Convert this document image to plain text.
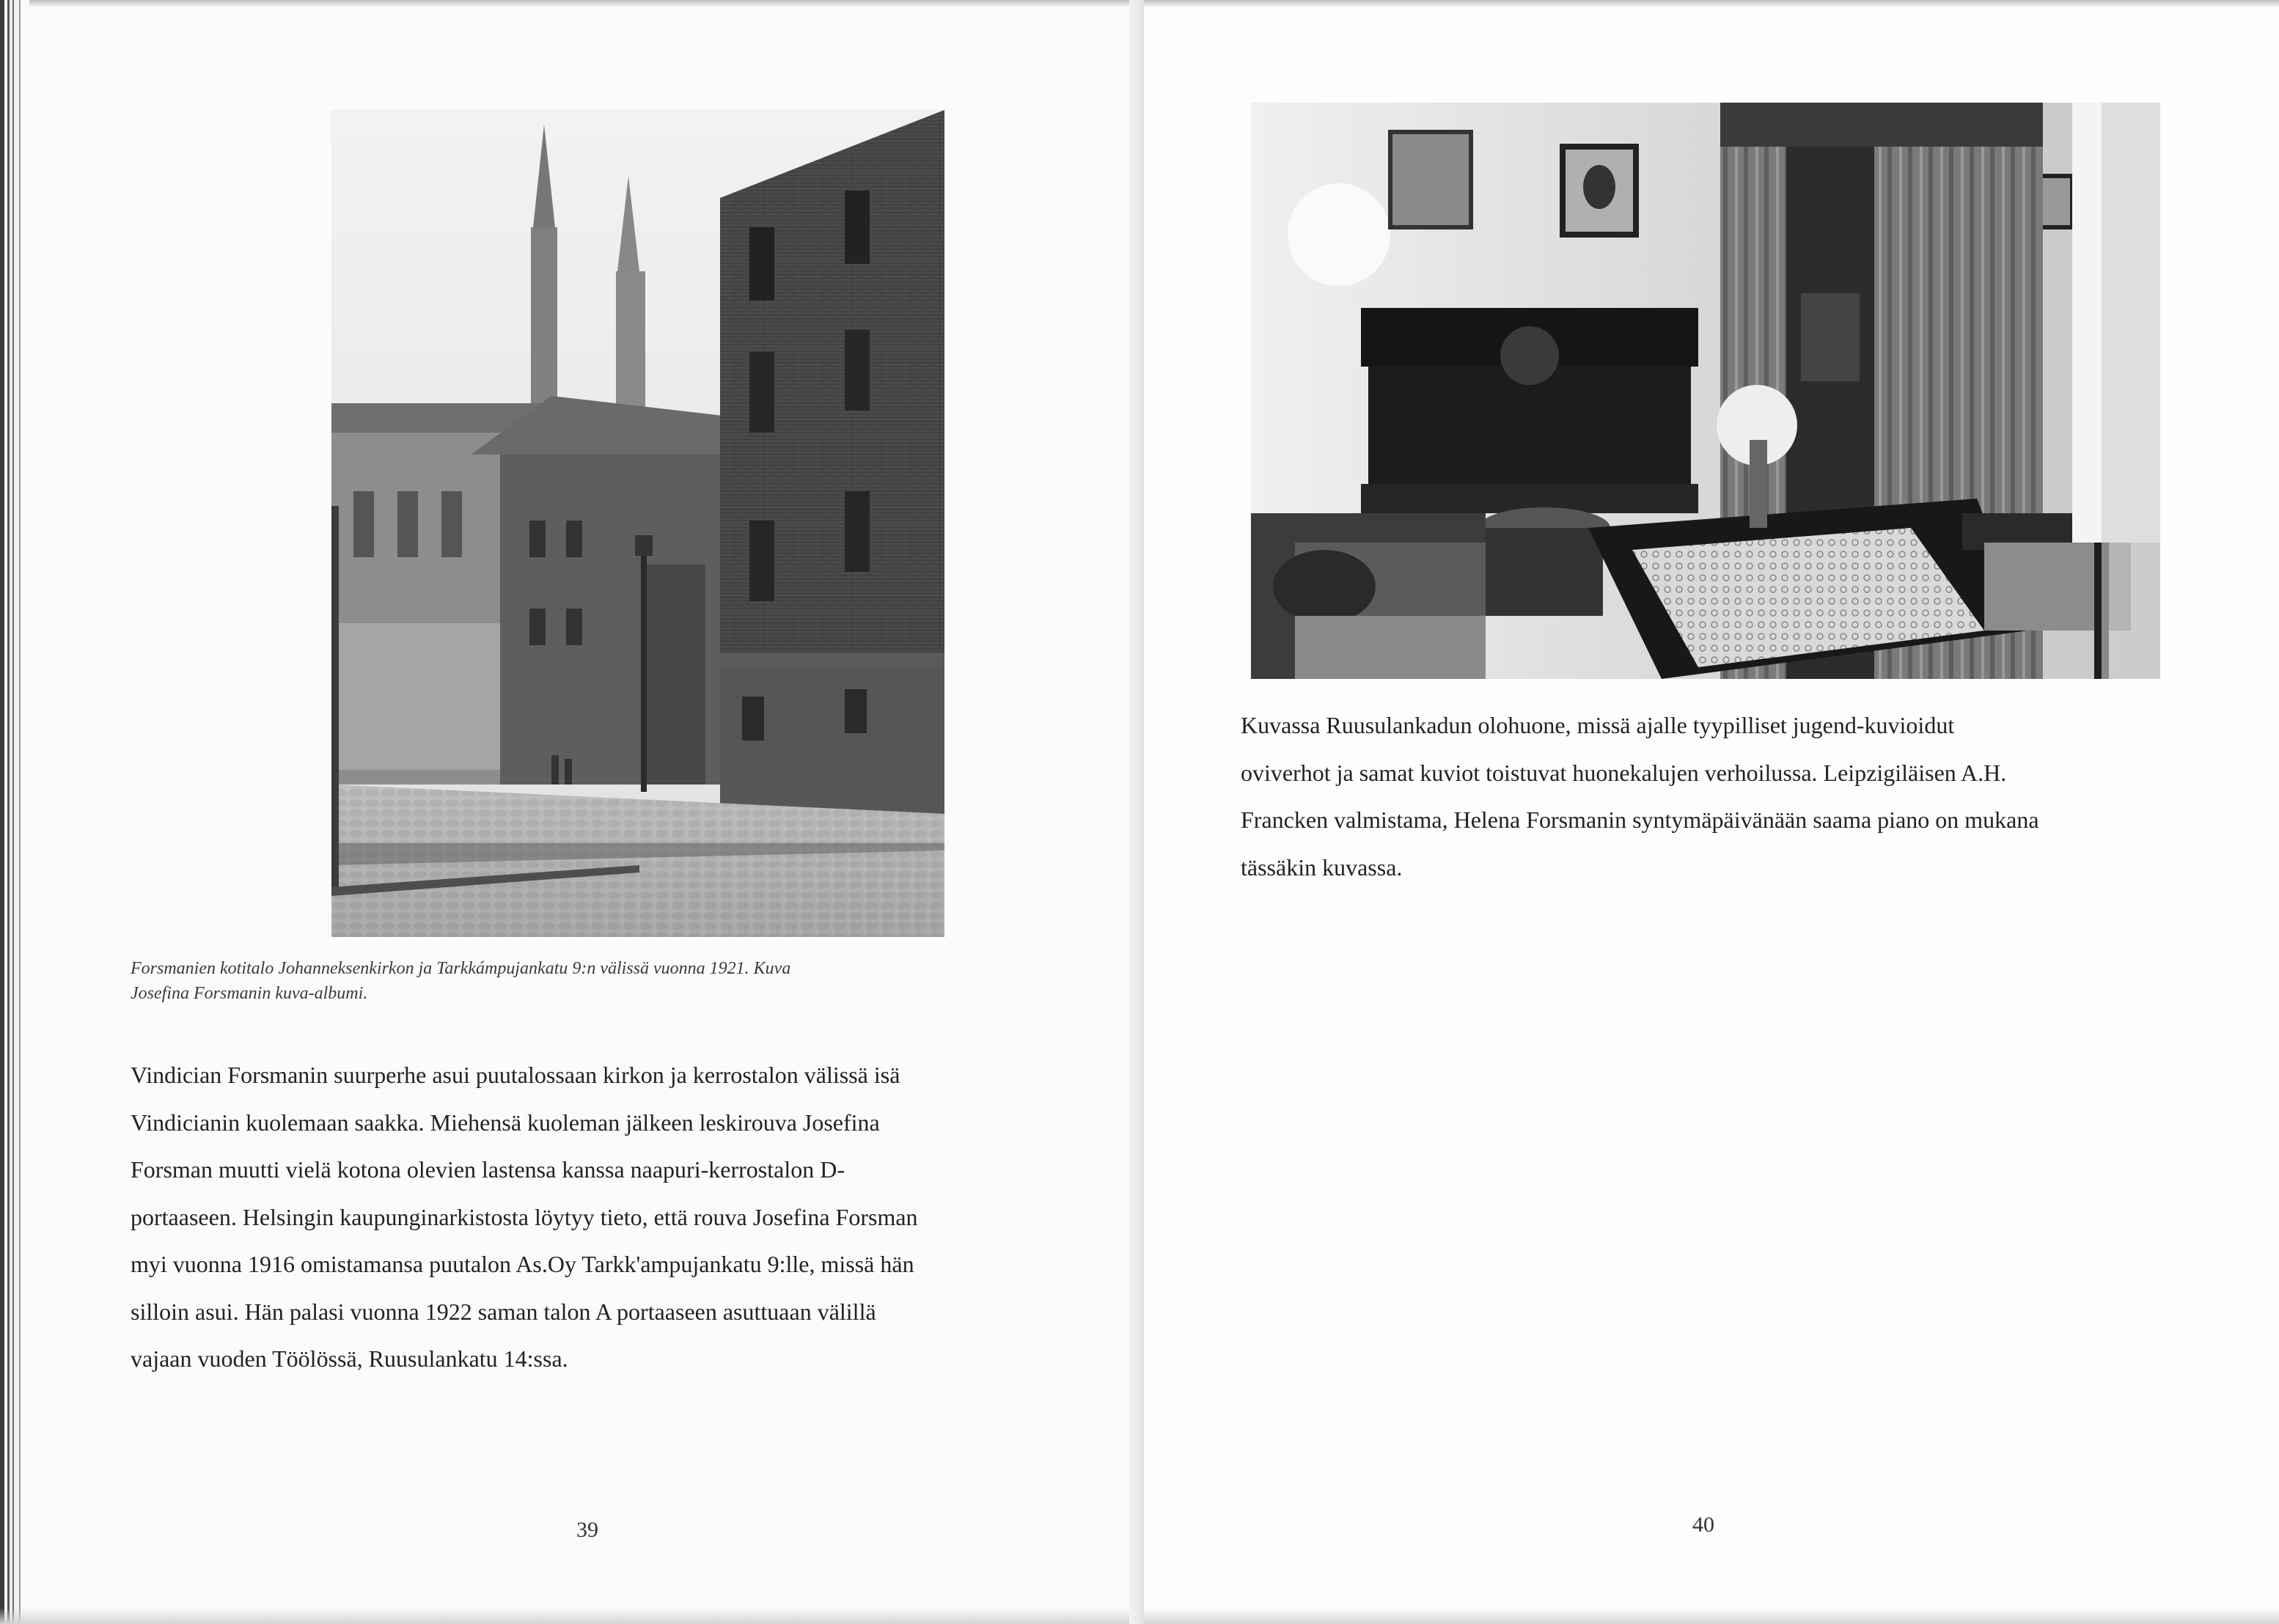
Forsmanien kotitalo Johanneksenkirkon ja Tarkkámpujankatu 9:n välissä vuonna 1921. Kuva
Josefina Forsmanin kuva-albumi.
Vindician Forsmanin suurperhe asui puutalossaan kirkon ja kerrostalon välissä isä
Vindicianin kuolemaan saakka. Miehensä kuoleman jälkeen leskirouva Josefina
Forsman muutti vielä kotona olevien lastensa kanssa naapuri-kerrostalon D-
portaaseen. Helsingin kaupunginarkistosta löytyy tieto, että rouva Josefina Forsman
myi vuonna 1916 omistamansa puutalon As.Oy Tarkk'ampujankatu 9:lle, missä hän
silloin asui. Hän palasi vuonna 1922 saman talon A portaaseen asuttuaan välillä
vajaan vuoden Töölössä, Ruusulankatu 14:ssa.
39
Kuvassa Ruusulankadun olohuone, missä ajalle tyypilliset jugend-kuvioidut
oviverhot ja samat kuviot toistuvat huonekalujen verhoilussa. Leipzigiläisen A.H.
Francken valmistama, Helena Forsmanin syntymäpäivänään saama piano on mukana
tässäkin kuvassa.
40
